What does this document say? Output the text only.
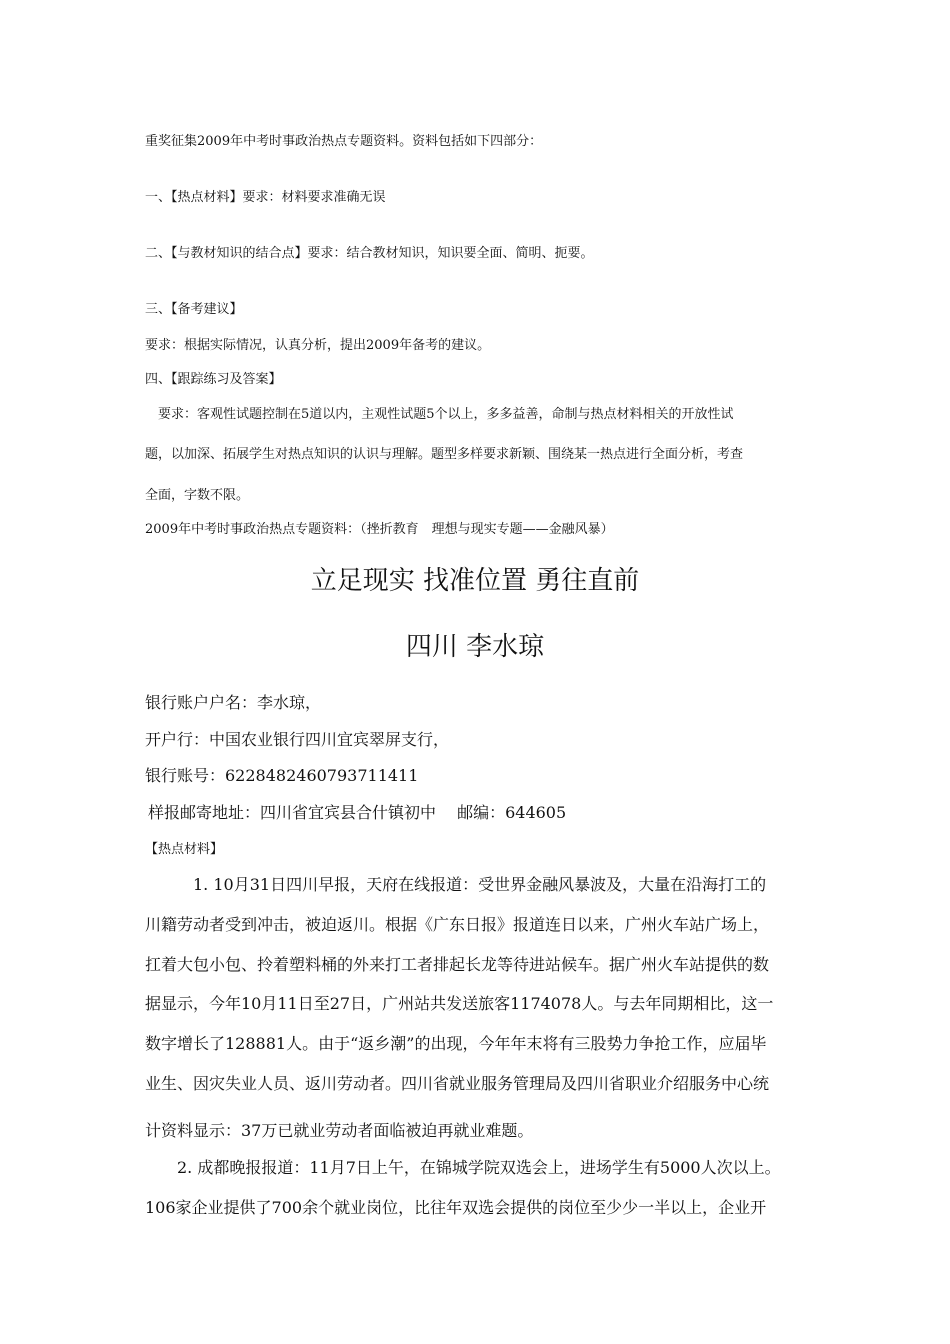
重奖征集2009年中考时事政治热点专题资料。资料包括如下四部分：
一、【热点材料】要求：材料要求准确无误
二、【与教材知识的结合点】要求：结合教材知识，知识要全面、简明、扼要。
三、【备考建议】
要求：根据实际情况，认真分析，提出2009年备考的建议。
四、【跟踪练习及答案】
要求：客观性试题控制在5道以内，主观性试题5个以上，多多益善，命制与热点材料相关的开放性试
题，以加深、拓展学生对热点知识的认识与理解。题型多样要求新颖、围绕某一热点进行全面分析，考查
全面，字数不限。
2009年中考时事政治热点专题资料：（挫折教育　理想与现实专题——金融风暴）
立足现实 找准位置 勇往直前
四川 李水琼
银行账户户名：李水琼，
开户行：中国农业银行四川宜宾翠屏支行，
银行账号：6228482460793711411
样报邮寄地址：四川省宜宾县合什镇初中　 邮编：644605
【热点材料】
1. 10月31日四川早报，天府在线报道：受世界金融风暴波及，大量在沿海打工的
川籍劳动者受到冲击，被迫返川。根据《广东日报》报道连日以来，广州火车站广场上，
扛着大包小包、拎着塑料桶的外来打工者排起长龙等待进站候车。据广州火车站提供的数
据显示，今年10月11日至27日，广州站共发送旅客1174078人。与去年同期相比，这一
数字增长了128881人。由于“返乡潮”的出现，今年年末将有三股势力争抢工作，应届毕
业生、因灾失业人员、返川劳动者。四川省就业服务管理局及四川省职业介绍服务中心统
计资料显示：37万已就业劳动者面临被迫再就业难题。
2. 成都晚报报道：11月7日上午，在锦城学院双选会上，进场学生有5000人次以上。
106家企业提供了700余个就业岗位，比往年双选会提供的岗位至少少一半以上，企业开
